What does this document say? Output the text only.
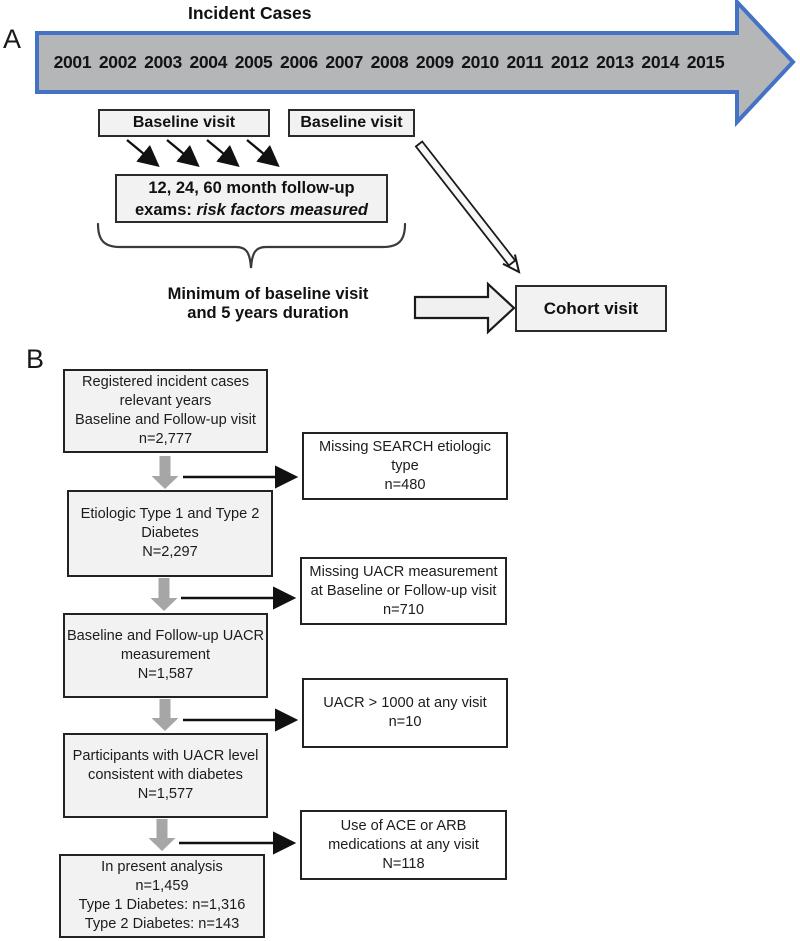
A
Incident Cases
2001 2002 2003 2004 2005 2006 2007 2008 2009 2010 2011 2012 2013 2014 2015
Baseline visit	Baseline visit
12, 24, 60 month follow-up
exams: risk factors measured
Minimum of baseline visit
and 5 years duration	Cohort visit
B
Registered incident cases
relevant years
Baseline and Follow-up visit
n=2,777
Etiologic Type 1 and Type 2
Diabetes
N=2,297
Baseline and Follow-up UACR
measurement
N=1,587
Participants with UACR level
consistent with diabetes
N=1,577
In present analysis
n=1,459
Type 1 Diabetes: n=1,316
Type 2 Diabetes: n=143
Missing SEARCH etiologic
type
n=480
Missing UACR measurement
at Baseline or Follow-up visit
n=710
UACR > 1000 at any visit
n=10
Use of ACE or ARB
medications at any visit
N=118
